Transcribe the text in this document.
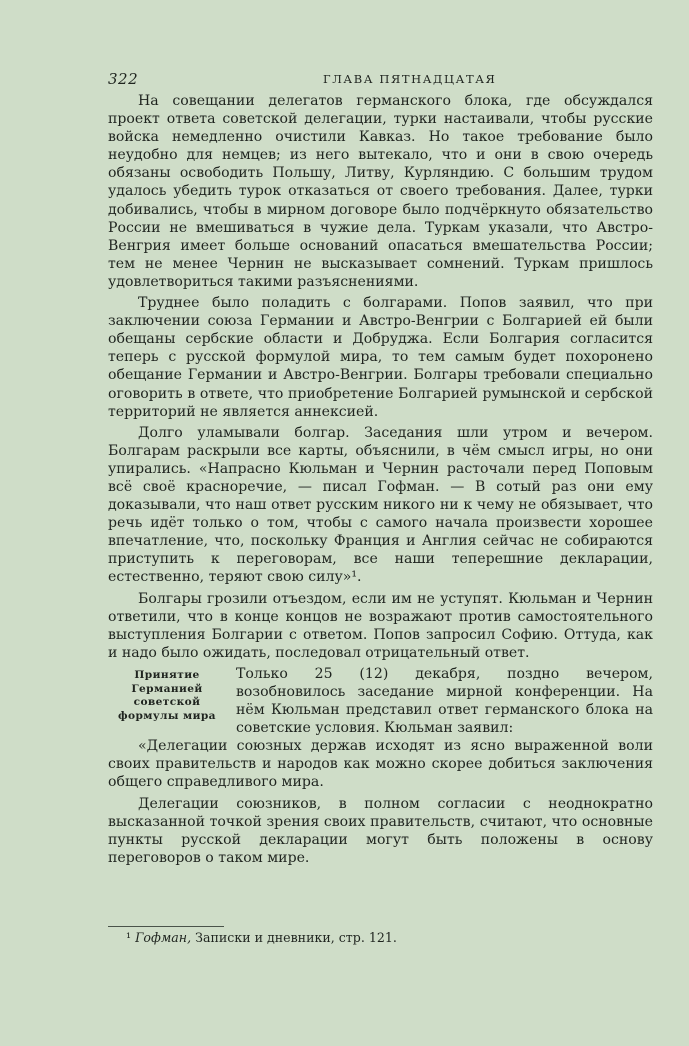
322	ГЛАВА ПЯТНАДЦАТАЯ

На совещании делегатов германского блока, где обсуждался проект ответа советской делегации, турки настаивали, чтобы русские войска немедленно очистили Кавказ. Но такое требование было неудобно для немцев; из него вытекало, что и они в свою очередь обязаны освободить Польшу, Литву, Курляндию. С большим трудом удалось убедить турок отказаться от своего требования. Далее, турки добивались, чтобы в мирном договоре было подчёркнуто обязательство России не вмешиваться в чужие дела. Туркам указали, что Австро-Венгрия имеет больше оснований опасаться вмешательства России; тем не менее Чернин не высказывает сомнений. Туркам пришлось удовлетвориться такими разъяснениями.

Труднее было поладить с болгарами. Попов заявил, что при заключении союза Германии и Австро-Венгрии с Болгарией ей были обещаны сербские области и Добруджа. Если Болгария согласится теперь с русской формулой мира, то тем самым будет похоронено обещание Германии и Австро-Венгрии. Болгары требовали специально оговорить в ответе, что приобретение Болгарией румынской и сербской территорий не является аннексией.

Долго уламывали болгар. Заседания шли утром и вечером. Болгарам раскрыли все карты, объяснили, в чём смысл игры, но они упирались. «Напрасно Кюльман и Чернин расточали перед Поповым всё своё красноречие, — писал Гофман. — В сотый раз они ему доказывали, что наш ответ русским никого ни к чему не обязывает, что речь идёт только о том, чтобы с самого начала произвести хорошее впечатление, что, поскольку Франция и Англия сейчас не собираются приступить к переговорам, все наши теперешние декларации, естественно, теряют свою силу»¹.

Болгары грозили отъездом, если им не уступят. Кюльман и Чернин ответили, что в конце концов не возражают против самостоятельного выступления Болгарии с ответом. Попов запросил Софию. Оттуда, как и надо было ожидать, последовал отрицательный ответ.

Принятие Германией советской формулы мира

Только 25 (12) декабря, поздно вечером, возобновилось заседание мирной конференции. На нём Кюльман представил ответ германского блока на советские условия. Кюльман заявил:

«Делегации союзных держав исходят из ясно выраженной воли своих правительств и народов как можно скорее добиться заключения общего справедливого мира.

Делегации союзников, в полном согласии с неоднократно высказанной точкой зрения своих правительств, считают, что основные пункты русской декларации могут быть положены в основу переговоров о таком мире.

¹ Гофман, Записки и дневники, стр. 121.
